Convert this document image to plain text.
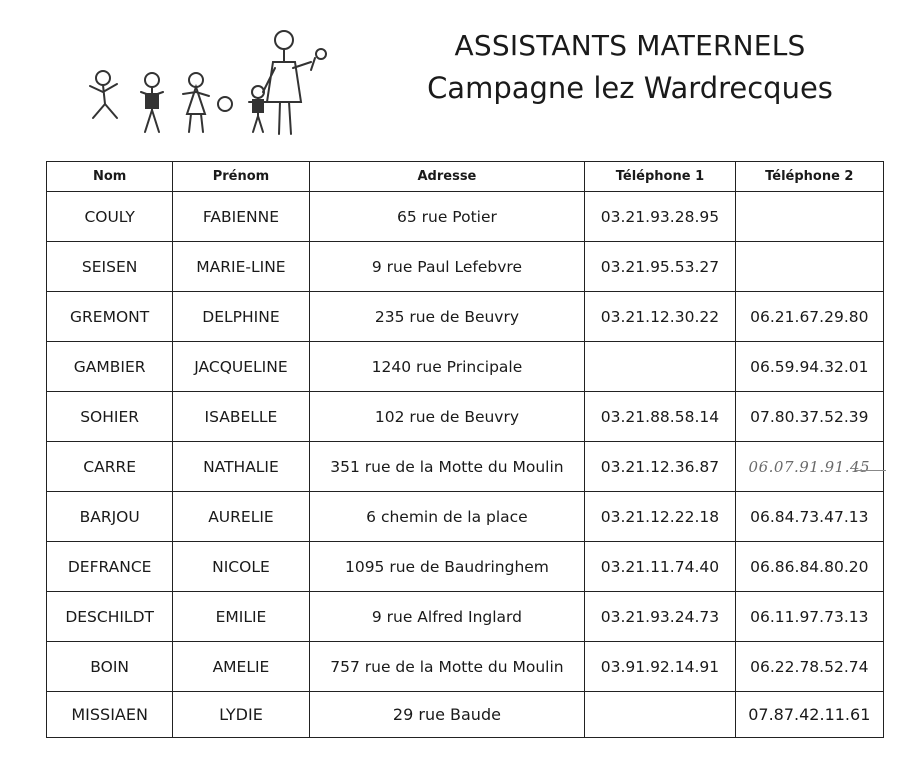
ASSISTANTS MATERNELS
Campagne lez Wardrecques
Nom	Prénom	Adresse	Téléphone 1	Téléphone 2
COULY	FABIENNE	65 rue Potier	03.21.93.28.95	
SEISEN	MARIE-LINE	9 rue Paul Lefebvre	03.21.95.53.27	
GREMONT	DELPHINE	235 rue de Beuvry	03.21.12.30.22	06.21.67.29.80
GAMBIER	JACQUELINE	1240 rue Principale		06.59.94.32.01
SOHIER	ISABELLE	102 rue de Beuvry	03.21.88.58.14	07.80.37.52.39
CARRE	NATHALIE	351 rue de la Motte du Moulin	03.21.12.36.87	06.07.91.91.45

BARJOU	AURELIE	6 chemin de la place	03.21.12.22.18	06.84.73.47.13
DEFRANCE	NICOLE	1095 rue de Baudringhem	03.21.11.74.40	06.86.84.80.20
DESCHILDT	EMILIE	9 rue Alfred Inglard	03.21.93.24.73	06.11.97.73.13
BOIN	AMELIE	757 rue de la Motte du Moulin	03.91.92.14.91	06.22.78.52.74
MISSIAEN	LYDIE	29 rue Baude		07.87.42.11.61
